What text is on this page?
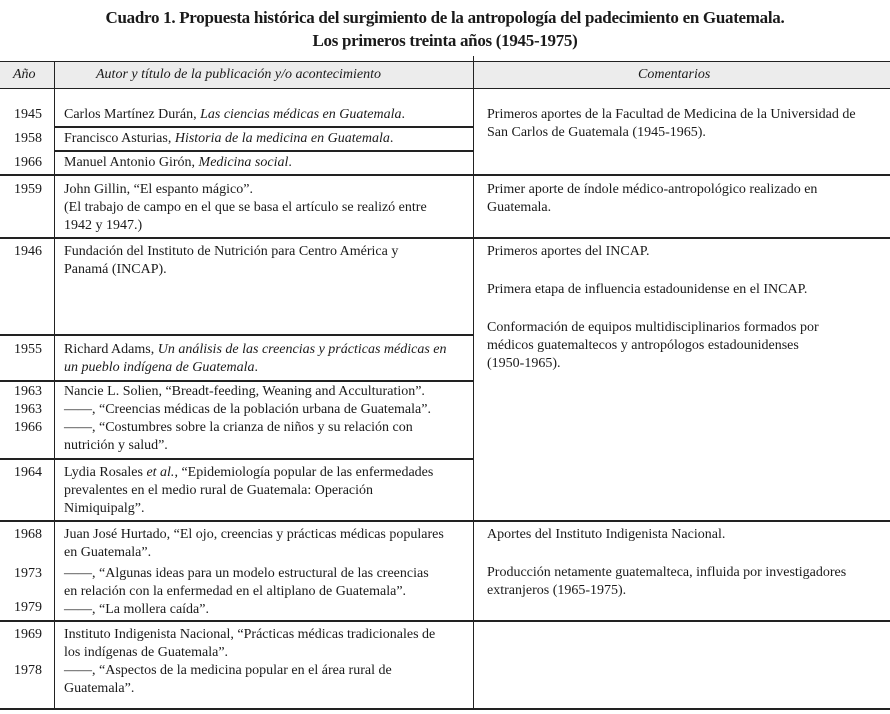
Cuadro 1. Propuesta histórica del surgimiento de la antropología del padecimiento en Guatemala.
Los primeros treinta años (1945-1975)
Año	Autor y título de la publicación y/o acontecimiento	Comentarios
1945 Carlos Martínez Durán, Las ciencias médicas en Guatemala.
1958 Francisco Asturias, Historia de la medicina en Guatemala.
1966 Manuel Antonio Girón, Medicina social.
Primeros aportes de la Facultad de Medicina de la Universidad de
San Carlos de Guatemala (1945-1965).
1959 John Gillin, “El espanto mágico”.
(El trabajo de campo en el que se basa el artículo se realizó entre
1942 y 1947.)
Primer aporte de índole médico-antropológico realizado en
Guatemala.
1946 Fundación del Instituto de Nutrición para Centro América y
Panamá (INCAP).
Primeros aportes del INCAP.
Primera etapa de influencia estadounidense en el INCAP.
Conformación de equipos multidisciplinarios formados por
médicos guatemaltecos y antropólogos estadounidenses
(1950-1965).
1955 Richard Adams, Un análisis de las creencias y prácticas médicas en
un pueblo indígena de Guatemala.
1963
1963
1966
Nancie L. Solien, “Breadt-feeding, Weaning and Acculturation”.
——, “Creencias médicas de la población urbana de Guatemala”.
——, “Costumbres sobre la crianza de niños y su relación con
nutrición y salud”.
1964 Lydia Rosales et al., “Epidemiología popular de las enfermedades
prevalentes en el medio rural de Guatemala: Operación
Nimiquipalg”.
1968
1973
1979
Juan José Hurtado, “El ojo, creencias y prácticas médicas populares
en Guatemala”.
——, “Algunas ideas para un modelo estructural de las creencias
en relación con la enfermedad en el altiplano de Guatemala”.
——, “La mollera caída”.
Aportes del Instituto Indigenista Nacional.
Producción netamente guatemalteca, influida por investigadores
extranjeros (1965-1975).
1969
1978
Instituto Indigenista Nacional, “Prácticas médicas tradicionales de
los indígenas de Guatemala”.
——, “Aspectos de la medicina popular en el área rural de
Guatemala”.
